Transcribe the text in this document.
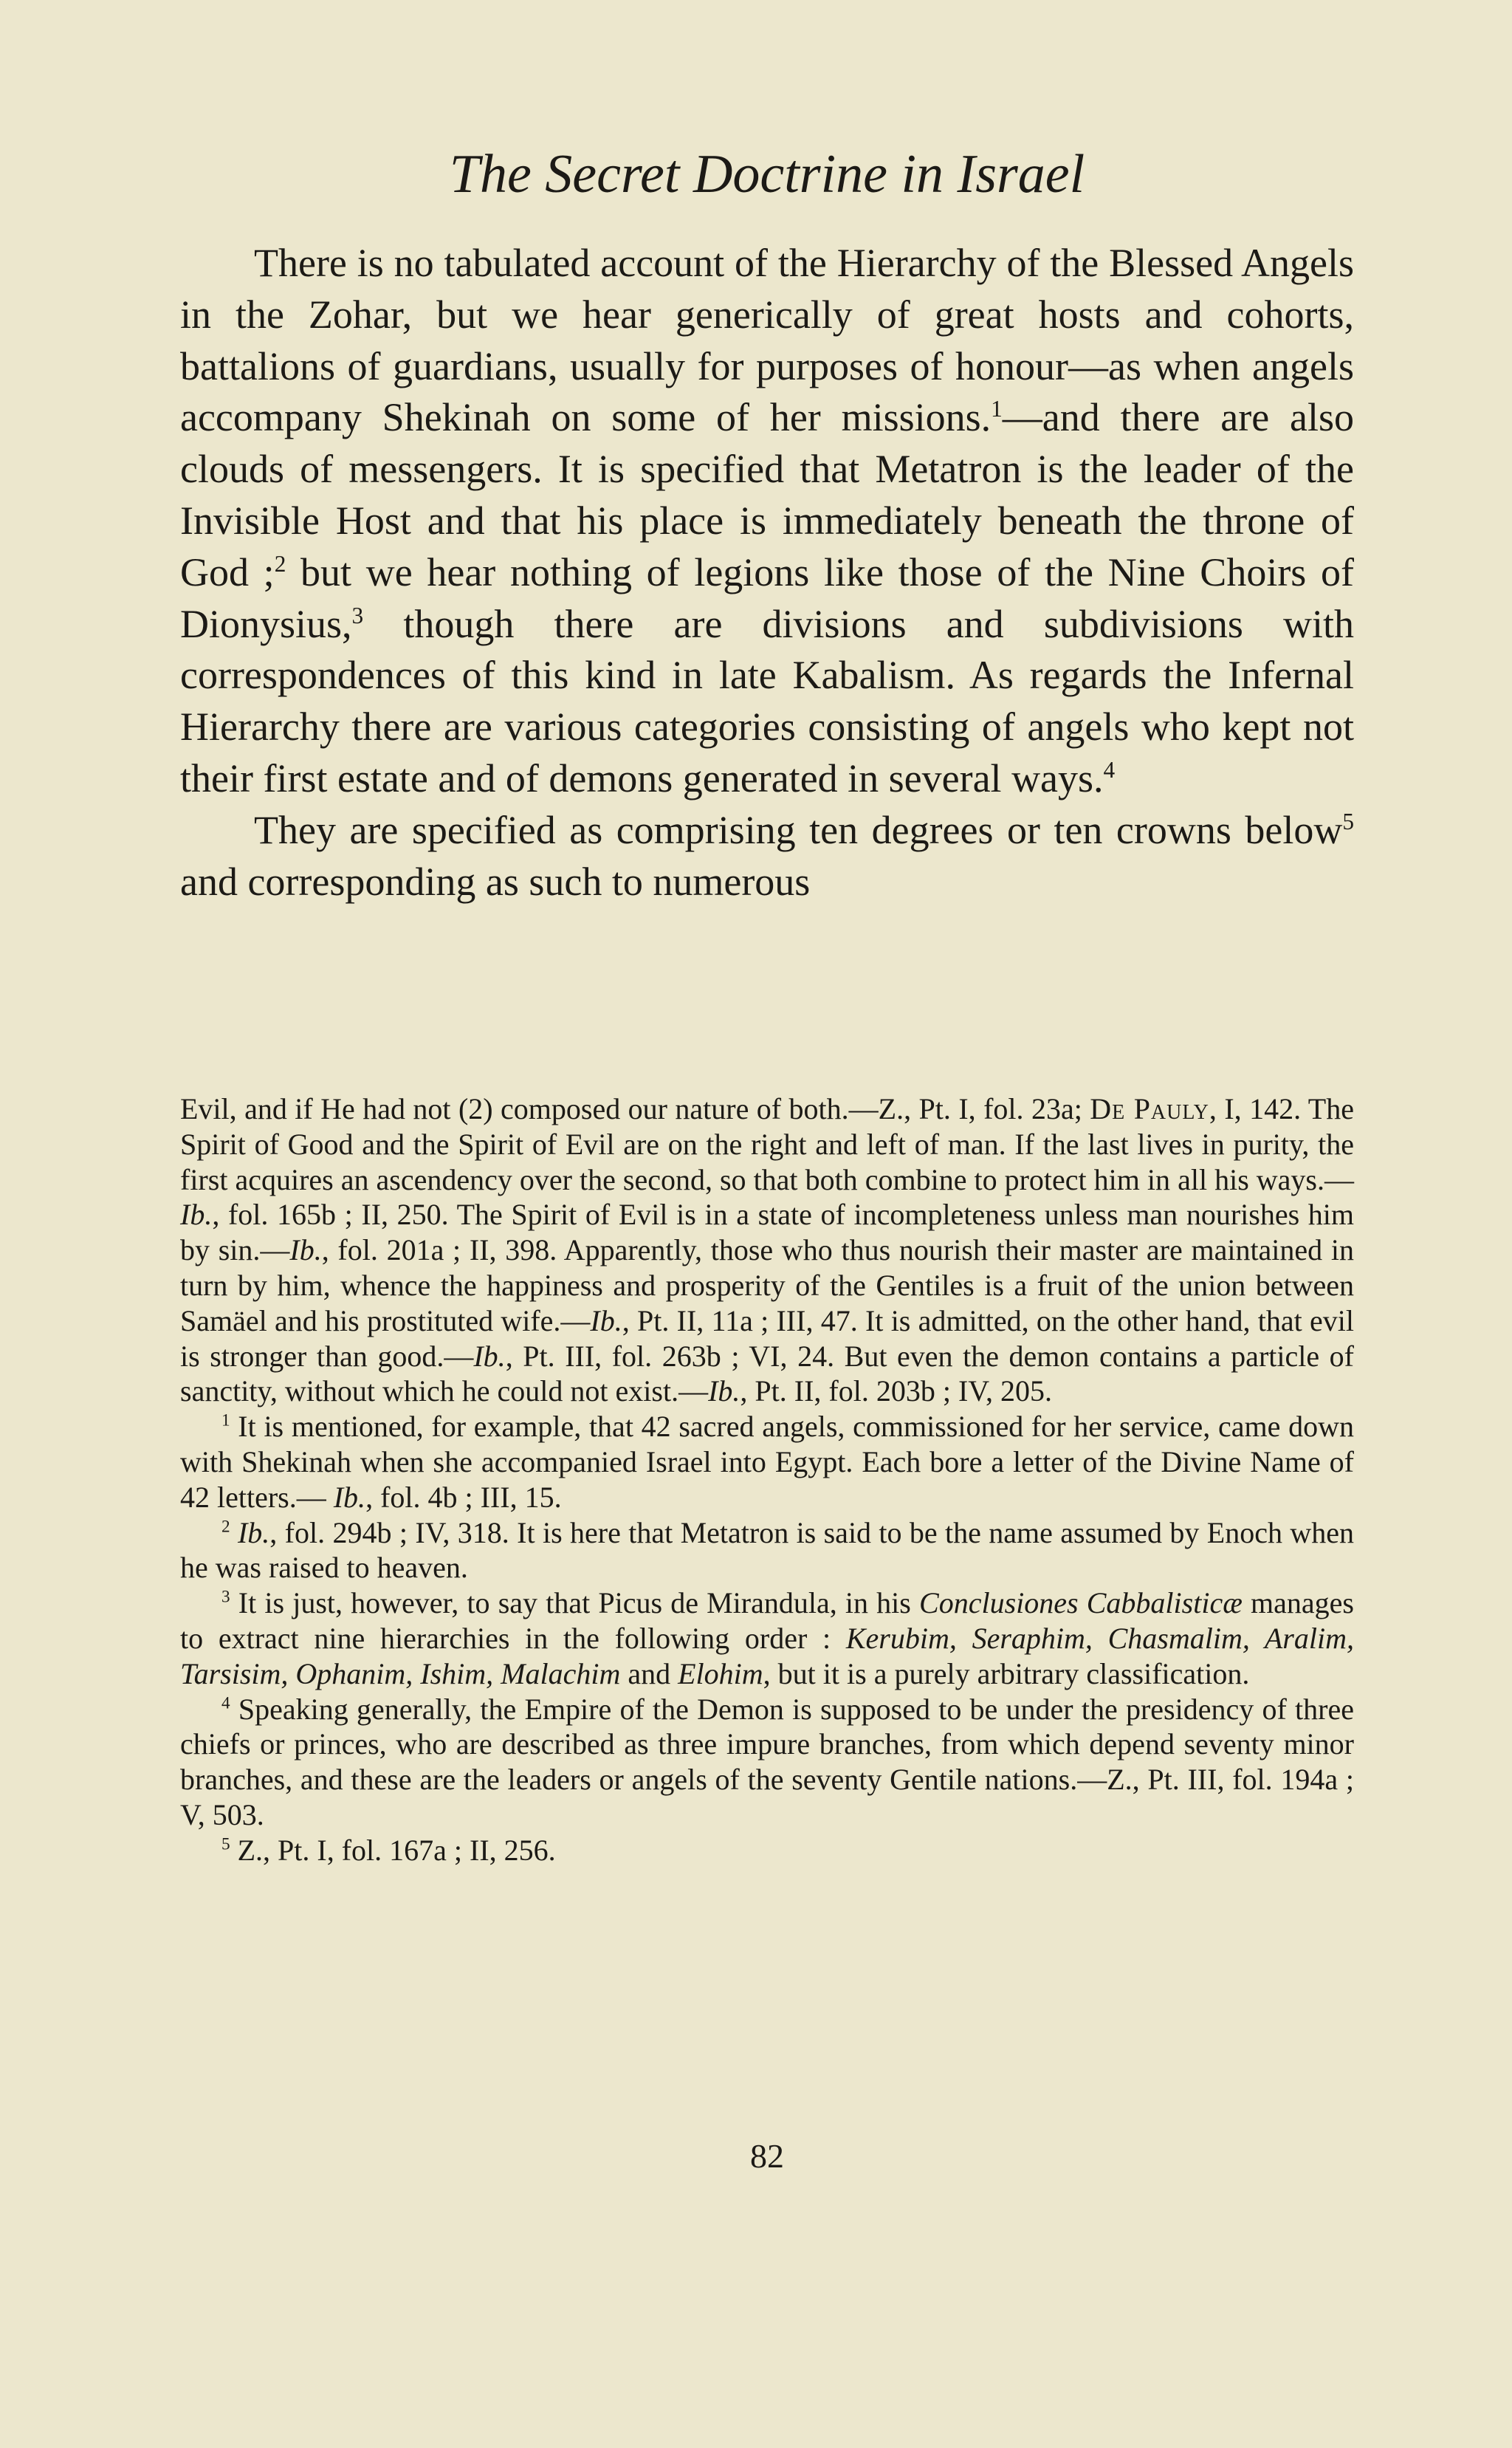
The Secret Doctrine in Israel

There is no tabulated account of the Hierarchy of the Blessed Angels in the Zohar, but we hear generically of great hosts and cohorts, battalions of guardians, usually for purposes of honour—as when angels accompany Shekinah on some of her missions.$^1$—and there are also clouds of messengers. It is specified that Metatron is the leader of the Invisible Host and that his place is immediately beneath the throne of God ;$^2$ but we hear nothing of legions like those of the Nine Choirs of Dionysius,$^3$ though there are divisions and subdivisions with correspondences of this kind in late Kabalism. As regards the Infernal Hierarchy there are various categories consisting of angels who kept not their first estate and of demons generated in several ways.$^4$

They are specified as comprising ten degrees or ten crowns below$^5$ and corresponding as such to numerous

Evil, and if He had not (2) composed our nature of both.—Z., Pt. I, fol. 23a; De Pauly, I, 142. The Spirit of Good and the Spirit of Evil are on the right and left of man. If the last lives in purity, the first acquires an ascendency over the second, so that both combine to protect him in all his ways.—Ib., fol. 165b ; II, 250. The Spirit of Evil is in a state of incompleteness unless man nourishes him by sin.—Ib., fol. 201a ; II, 398. Apparently, those who thus nourish their master are maintained in turn by him, whence the happiness and prosperity of the Gentiles is a fruit of the union between Samäel and his prostituted wife.—Ib., Pt. II, 11a ; III, 47. It is admitted, on the other hand, that evil is stronger than good.—Ib., Pt. III, fol. 263b ; VI, 24. But even the demon contains a particle of sanctity, without which he could not exist.—Ib., Pt. II, fol. 203b ; IV, 205.

$^1$ It is mentioned, for example, that 42 sacred angels, commissioned for her service, came down with Shekinah when she accompanied Israel into Egypt. Each bore a letter of the Divine Name of 42 letters.— Ib., fol. 4b ; III, 15.

$^2$ Ib., fol. 294b ; IV, 318. It is here that Metatron is said to be the name assumed by Enoch when he was raised to heaven.

$^3$ It is just, however, to say that Picus de Mirandula, in his Conclusiones Cabbalisticæ manages to extract nine hierarchies in the following order : Kerubim, Seraphim, Chasmalim, Aralim, Tarsisim, Ophanim, Ishim, Malachim and Elohim, but it is a purely arbitrary classification.

$^4$ Speaking generally, the Empire of the Demon is supposed to be under the presidency of three chiefs or princes, who are described as three impure branches, from which depend seventy minor branches, and these are the leaders or angels of the seventy Gentile nations.—Z., Pt. III, fol. 194a ; V, 503.

$^5$ Z., Pt. I, fol. 167a ; II, 256.

82
